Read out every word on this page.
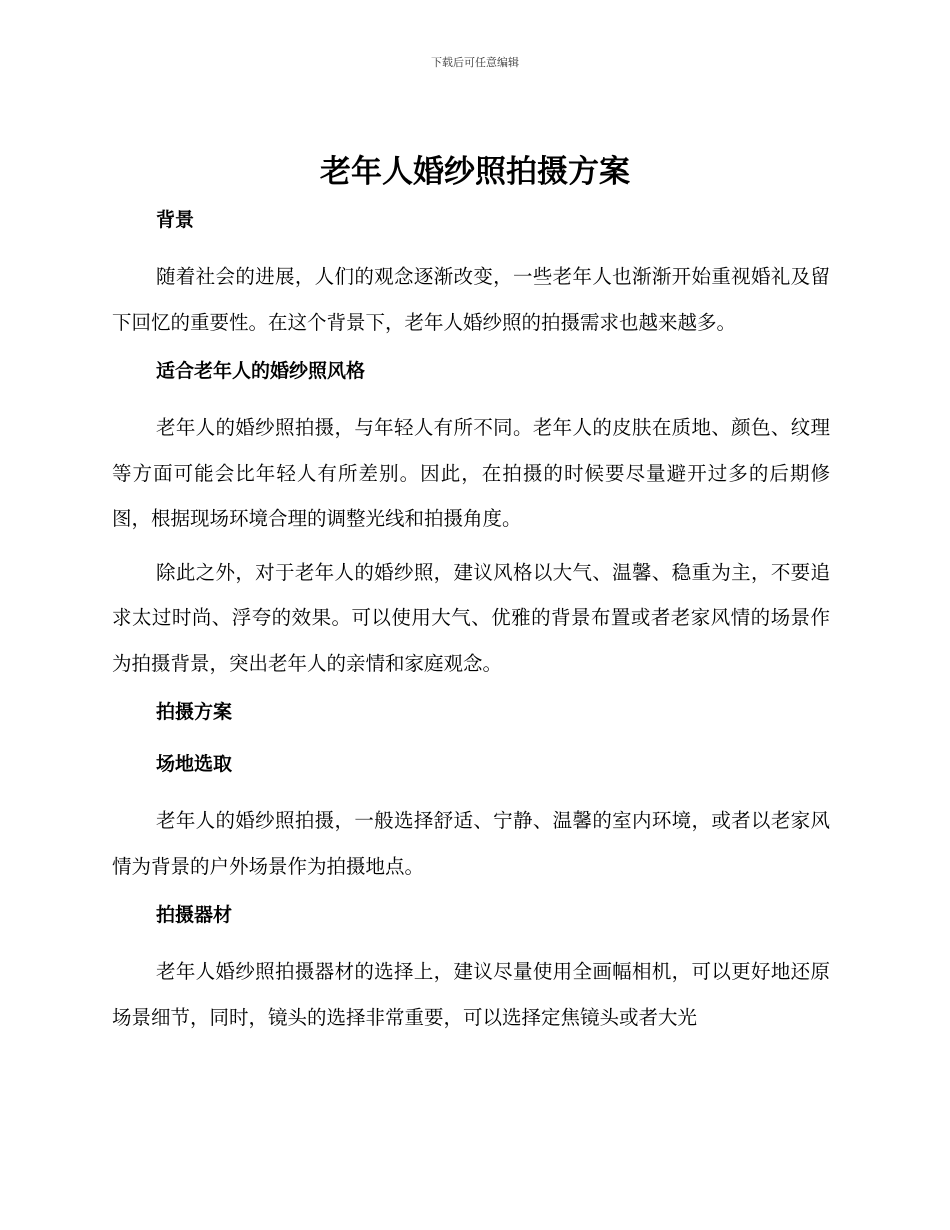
下载后可任意编辑
老年人婚纱照拍摄方案

背景

随着社会的进展，人们的观念逐渐改变，一些老年人也渐渐开始重视婚礼及留下回忆的重要性。在这个背景下，老年人婚纱照的拍摄需求也越来越多。

适合老年人的婚纱照风格

老年人的婚纱照拍摄，与年轻人有所不同。老年人的皮肤在质地、颜色、纹理等方面可能会比年轻人有所差别。因此，在拍摄的时候要尽量避开过多的后期修图，根据现场环境合理的调整光线和拍摄角度。

除此之外，对于老年人的婚纱照，建议风格以大气、温馨、稳重为主，不要追求太过时尚、浮夸的效果。可以使用大气、优雅的背景布置或者老家风情的场景作为拍摄背景，突出老年人的亲情和家庭观念。

拍摄方案

场地选取

老年人的婚纱照拍摄，一般选择舒适、宁静、温馨的室内环境，或者以老家风情为背景的户外场景作为拍摄地点。

拍摄器材

老年人婚纱照拍摄器材的选择上，建议尽量使用全画幅相机，可以更好地还原场景细节，同时，镜头的选择非常重要，可以选择定焦镜头或者大光
